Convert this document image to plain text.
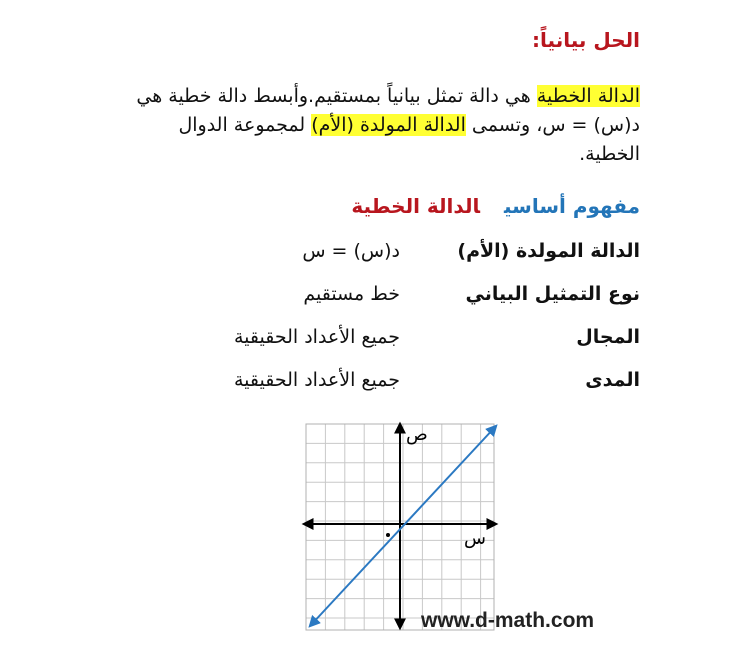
الحل بيانياً:
الدالة الخطية هي دالة تمثل بيانياً بمستقيم.وأبسط دالة خطية هي د(س) = س، وتسمى الدالة المولدة (الأم) لمجموعة الدوال الخطية.
مفهوم أساسيالدالة الخطية
الدالة المولدة (الأم)
د(س) = س
نوع التمثيل البياني
خط مستقيم
المجال
جميع الأعداد الحقيقية
المدى
جميع الأعداد الحقيقية
ص
س
www.d-math.com
